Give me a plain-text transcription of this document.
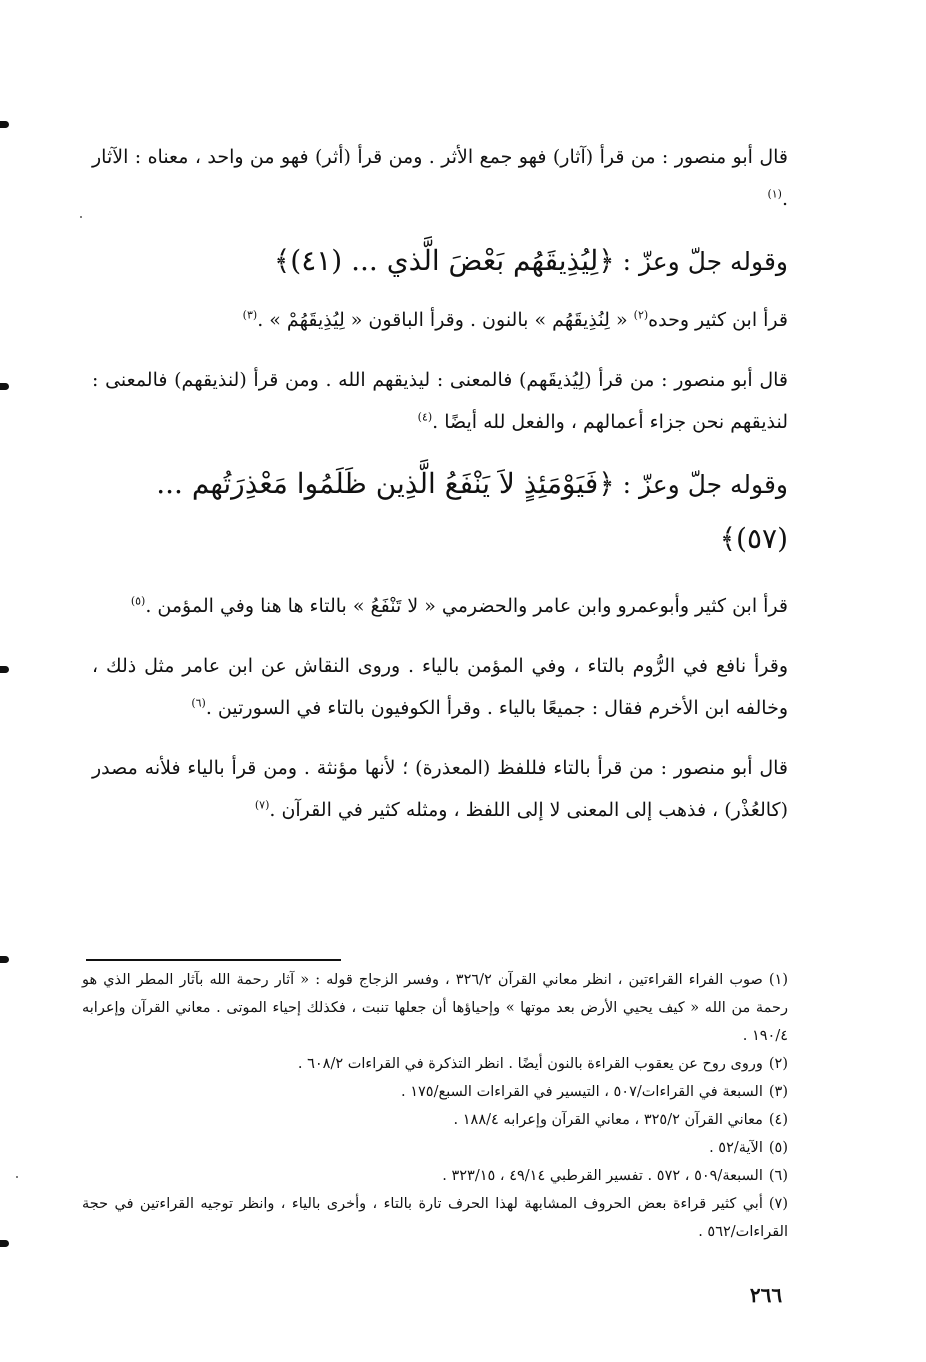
قال أبو منصور : من قرأ (آثار) فهو جمع الأثر . ومن قرأ (أثر) فهو من واحد ، معناه : الآثار .$^{(١)}$

وقوله جلّ وعزّ : ﴿لِيُذِيقَهُم بَعْضَ الَّذي ... (٤١)﴾

قرأ ابن كثير وحده$^{(٢)}$ « لِنُذِيقَهُم » بالنون . وقرأ الباقون « لِيُذِيقَهُمْ » .$^{(٣)}$

قال أبو منصور : من قرأ (لِيُذيقَهم) فالمعنى : ليذيقهم الله . ومن قرأ (لنذيقهم) فالمعنى : لنذيقهم نحن جزاء أعمالهم ، والفعل لله أيضًا .$^{(٤)}$

وقوله جلّ وعزّ : ﴿فَيَوْمَئِذٍ لاَ يَنْفَعُ الَّذِين ظَلَمُوا مَعْذِرَتُهم ... (٥٧)﴾

قرأ ابن كثير وأبوعمرو وابن عامر والحضرمي « لا تَنْفَعُ » بالتاء ها هنا وفي المؤمن .$^{(٥)}$

وقرأ نافع في الرُّوم بالتاء ، وفي المؤمن بالياء . وروى النقاش عن ابن عامر مثل ذلك ، وخالفه ابن الأخرم فقال : جميعًا بالياء . وقرأ الكوفيون بالتاء في السورتين .$^{(٦)}$

قال أبو منصور : من قرأ بالتاء فللفظ (المعذرة) ؛ لأنها مؤنثة . ومن قرأ بالياء فلأنه مصدر (كالعُذْر) ، فذهب إلى المعنى لا إلى اللفظ ، ومثله كثير في القرآن .$^{(٧)}$

(١)صوب الفراء القراءتين ، انظر معاني القرآن ٣٢٦/٢ ، وفسر الزجاج قوله : « آثار رحمة الله بآثار المطر الذي هو رحمة من الله « كيف يحيي الأرض بعد موتها » وإحياؤها أن جعلها تنبت ، فكذلك إحياء الموتى . معاني القرآن وإعرابه ١٩٠/٤ .

(٢)وروى روح عن يعقوب القراءة بالنون أيضًا . انظر التذكرة في القراءات ٦٠٨/٢ .

(٣)السبعة في القراءات/٥٠٧ ، التيسير في القراءات السبع/١٧٥ .

(٤)معاني القرآن ٣٢٥/٢ ، معاني القرآن وإعرابه ١٨٨/٤ .

(٥)الآية/٥٢ .

(٦)السبعة/٥٠٩ ، ٥٧٢ . تفسير القرطبي ٤٩/١٤ ، ٣٢٣/١٥ .

(٧)أبي كثير قراءة بعض الحروف المشابهة لهذا الحرف تارة بالتاء ، وأخرى بالياء ، وانظر توجيه القراءتين في حجة القراءات/٥٦٢ .

٢٦٦
